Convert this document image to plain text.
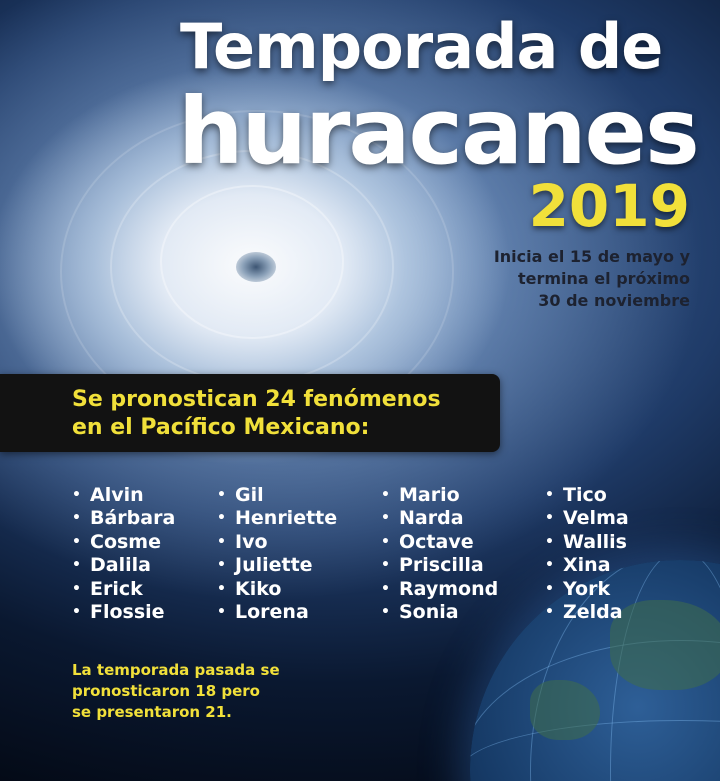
Temporada de
huracanes
2019
Inicia el 15 de mayo y
termina el próximo
30 de noviembre
Se pronostican 24 fenómenos
en el Pacífico Mexicano:
• Alvin
• Bárbara
• Cosme
• Dalila
• Erick
• Flossie
• Gil
• Henriette
• Ivo
• Juliette
• Kiko
• Lorena
• Mario
• Narda
• Octave
• Priscilla
• Raymond
• Sonia
• Tico
• Velma
• Wallis
• Xina
• York
• Zelda
La temporada pasada se
pronosticaron 18 pero
se presentaron 21.
